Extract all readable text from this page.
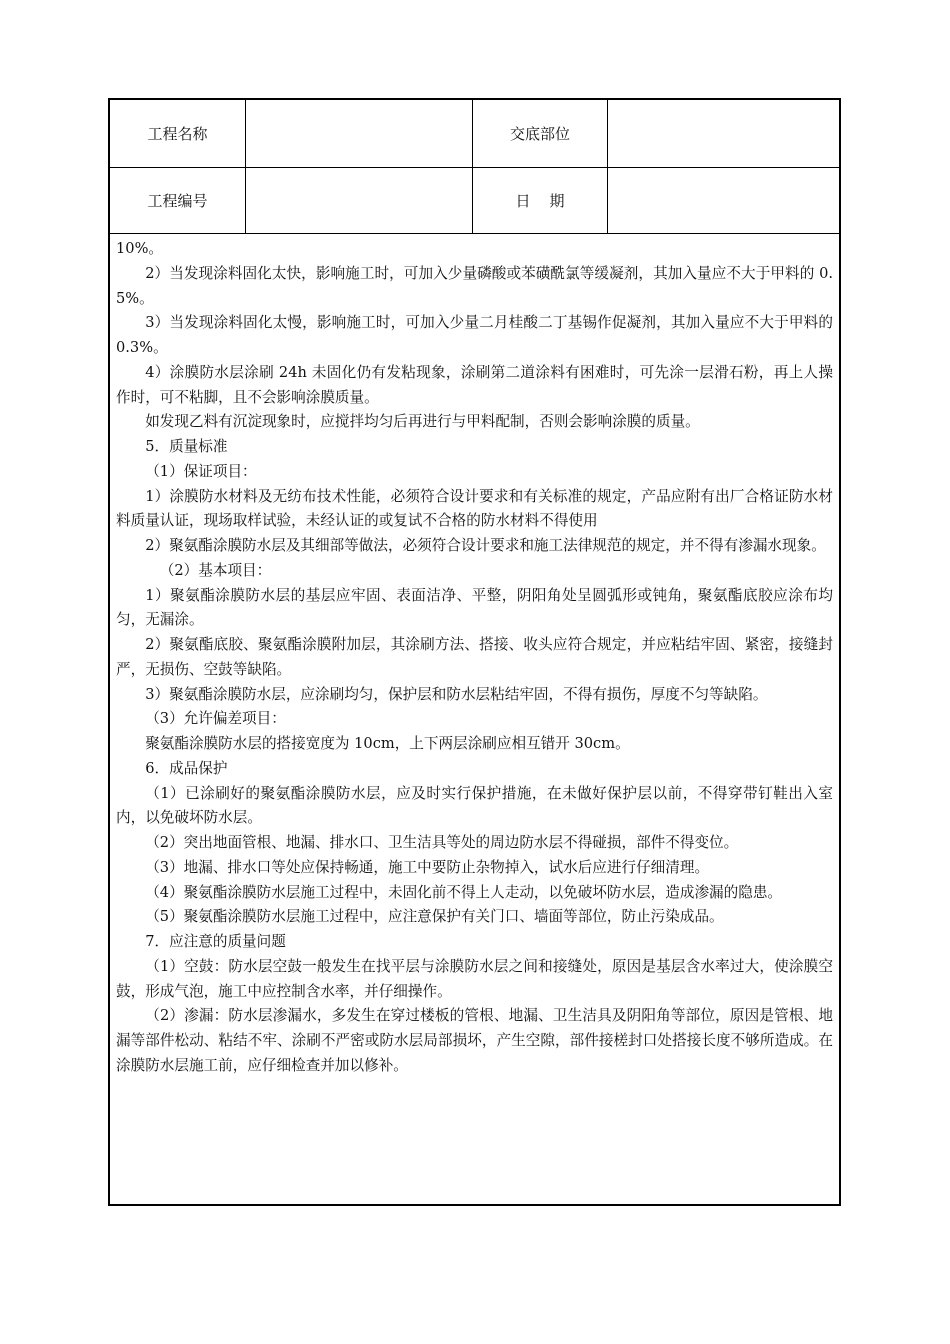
工程名称	交底部位
工程编号	日    期

10%。

2）当发现涂料固化太快，影响施工时，可加入少量磷酸或苯磺酰氯等缓凝剂，其加入量应不大于甲料的 0.5%。

3）当发现涂料固化太慢，影响施工时，可加入少量二月桂酸二丁基锡作促凝剂，其加入量应不大于甲料的 0.3%。

4）涂膜防水层涂刷 24h 未固化仍有发粘现象，涂刷第二道涂料有困难时，可先涂一层滑石粉，再上人操作时，可不粘脚，且不会影响涂膜质量。

如发现乙料有沉淀现象时，应搅拌均匀后再进行与甲料配制，否则会影响涂膜的质量。

5．质量标准

（1）保证项目：

1）涂膜防水材料及无纺布技术性能，必须符合设计要求和有关标准的规定，产品应附有出厂合格证防水材料质量认证，现场取样试验，未经认证的或复试不合格的防水材料不得使用

2）聚氨酯涂膜防水层及其细部等做法，必须符合设计要求和施工法律规范的规定，并不得有渗漏水现象。

（2）基本项目：

1）聚氨酯涂膜防水层的基层应牢固、表面洁净、平整，阴阳角处呈圆弧形或钝角，聚氨酯底胶应涂布均匀，无漏涂。

2）聚氨酯底胶、聚氨酯涂膜附加层，其涂刷方法、搭接、收头应符合规定，并应粘结牢固、紧密，接缝封严，无损伤、空鼓等缺陷。

3）聚氨酯涂膜防水层，应涂刷均匀，保护层和防水层粘结牢固，不得有损伤，厚度不匀等缺陷。

（3）允许偏差项目：

聚氨酯涂膜防水层的搭接宽度为 10cm，上下两层涂刷应相互错开 30cm。

6．成品保护

（1）已涂刷好的聚氨酯涂膜防水层，应及时实行保护措施，在未做好保护层以前，不得穿带钉鞋出入室内，以免破坏防水层。

（2）突出地面管根、地漏、排水口、卫生洁具等处的周边防水层不得碰损，部件不得变位。

（3）地漏、排水口等处应保持畅通，施工中要防止杂物掉入，试水后应进行仔细清理。

（4）聚氨酯涂膜防水层施工过程中，未固化前不得上人走动，以免破坏防水层，造成渗漏的隐患。

（5）聚氨酯涂膜防水层施工过程中，应注意保护有关门口、墙面等部位，防止污染成品。

7．应注意的质量问题

（1）空鼓：防水层空鼓一般发生在找平层与涂膜防水层之间和接缝处，原因是基层含水率过大，使涂膜空鼓，形成气泡，施工中应控制含水率，并仔细操作。

（2）渗漏：防水层渗漏水，多发生在穿过楼板的管根、地漏、卫生洁具及阴阳角等部位，原因是管根、地漏等部件松动、粘结不牢、涂刷不严密或防水层局部损坏，产生空隙，部件接槎封口处搭接长度不够所造成。在涂膜防水层施工前，应仔细检查并加以修补。
